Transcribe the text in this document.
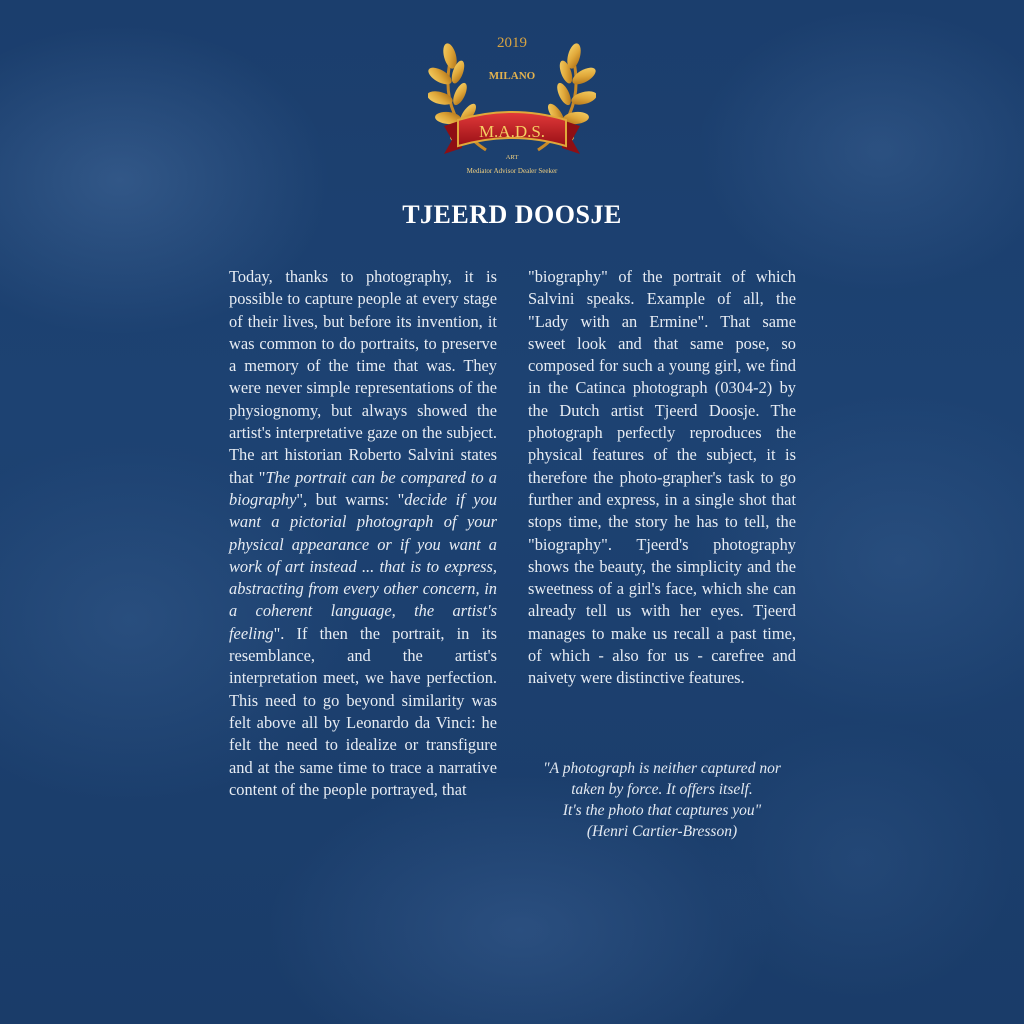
2019
MILANO
M.A.D.S.
ART
Mediator Advisor Dealer Seeker
TJEERD DOOSJE

Today, thanks to photography, it is possible to capture people at every stage of their lives, but before its invention, it was common to do portraits, to preserve a memory of the time that was. They were never simple representations of the physiognomy, but always showed the artist's interpretative gaze on the subject. The art historian Roberto Salvini states that "The portrait can be compared to a biography", but warns: "decide if you want a pictorial photograph of your physical appearance or if you want a work of art instead ... that is to express, abstracting from every other concern, in a coherent language, the artist's feeling". If then the portrait, in its resemblance, and the artist's interpretation meet, we have perfection. This need to go beyond similarity was felt above all by Leonardo da Vinci: he felt the need to idealize or transfigure and at the same time to trace a narrative content of the people portrayed, that

"biography" of the portrait of which Salvini speaks. Example of all, the "Lady with an Ermine". That same sweet look and that same pose, so composed for such a young girl, we find in the Catinca photograph (0304-2) by the Dutch artist Tjeerd Doosje. The photograph perfectly reproduces the physical features of the subject, it is therefore the photo-grapher's task to go further and express, in a single shot that stops time, the story he has to tell, the "biography". Tjeerd's photography shows the beauty, the simplicity and the sweetness of a girl's face, which she can already tell us with her eyes. Tjeerd manages to make us recall a past time, of which - also for us - carefree and naivety were distinctive features.

"A photograph is neither captured nor
taken by force. It offers itself.
It's the photo that captures you"
(Henri Cartier-Bresson)
